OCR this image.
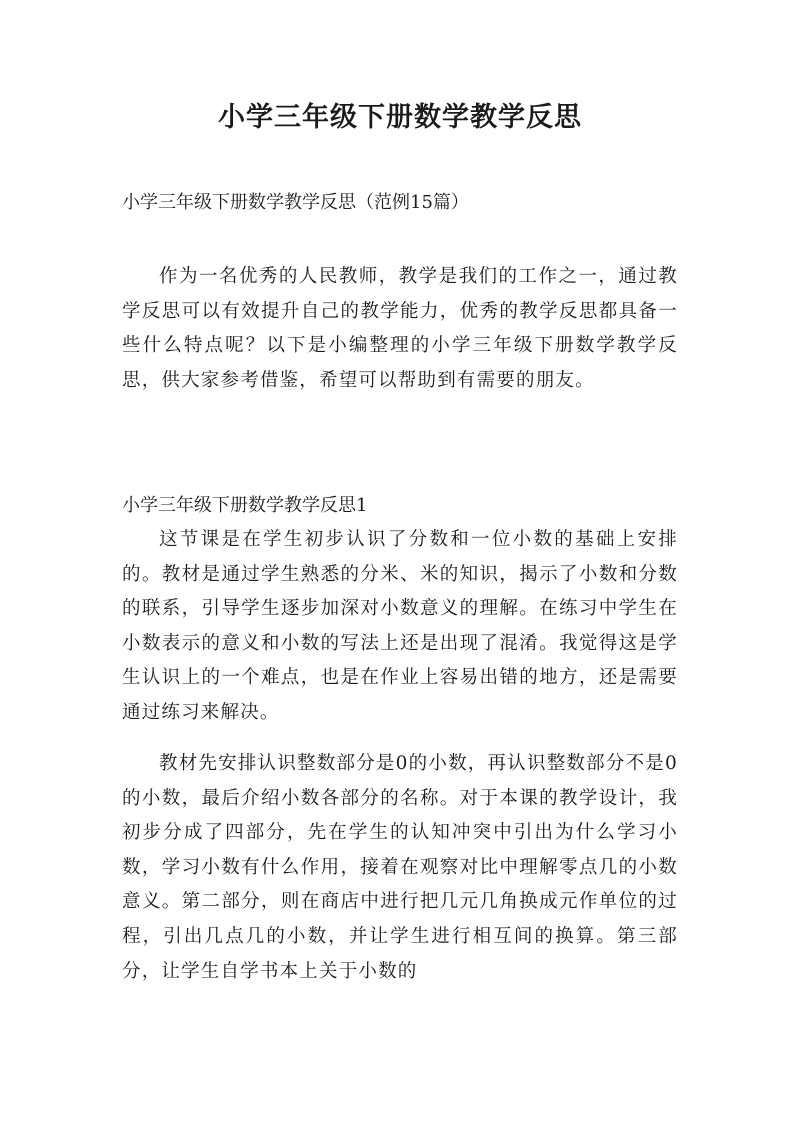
小学三年级下册数学教学反思

小学三年级下册数学教学反思（范例15篇）

作为一名优秀的人民教师，教学是我们的工作之一，通过教学反思可以有效提升自己的教学能力，优秀的教学反思都具备一些什么特点呢？以下是小编整理的小学三年级下册数学教学反思，供大家参考借鉴，希望可以帮助到有需要的朋友。

小学三年级下册数学教学反思1

这节课是在学生初步认识了分数和一位小数的基础上安排的。教材是通过学生熟悉的分米、米的知识，揭示了小数和分数的联系，引导学生逐步加深对小数意义的理解。在练习中学生在小数表示的意义和小数的写法上还是出现了混淆。我觉得这是学生认识上的一个难点，也是在作业上容易出错的地方，还是需要通过练习来解决。

教材先安排认识整数部分是0的小数，再认识整数部分不是0的小数，最后介绍小数各部分的名称。对于本课的教学设计，我初步分成了四部分，先在学生的认知冲突中引出为什么学习小数，学习小数有什么作用，接着在观察对比中理解零点几的小数意义。第二部分，则在商店中进行把几元几角换成元作单位的过程，引出几点几的小数，并让学生进行相互间的换算。第三部分，让学生自学书本上关于小数的
